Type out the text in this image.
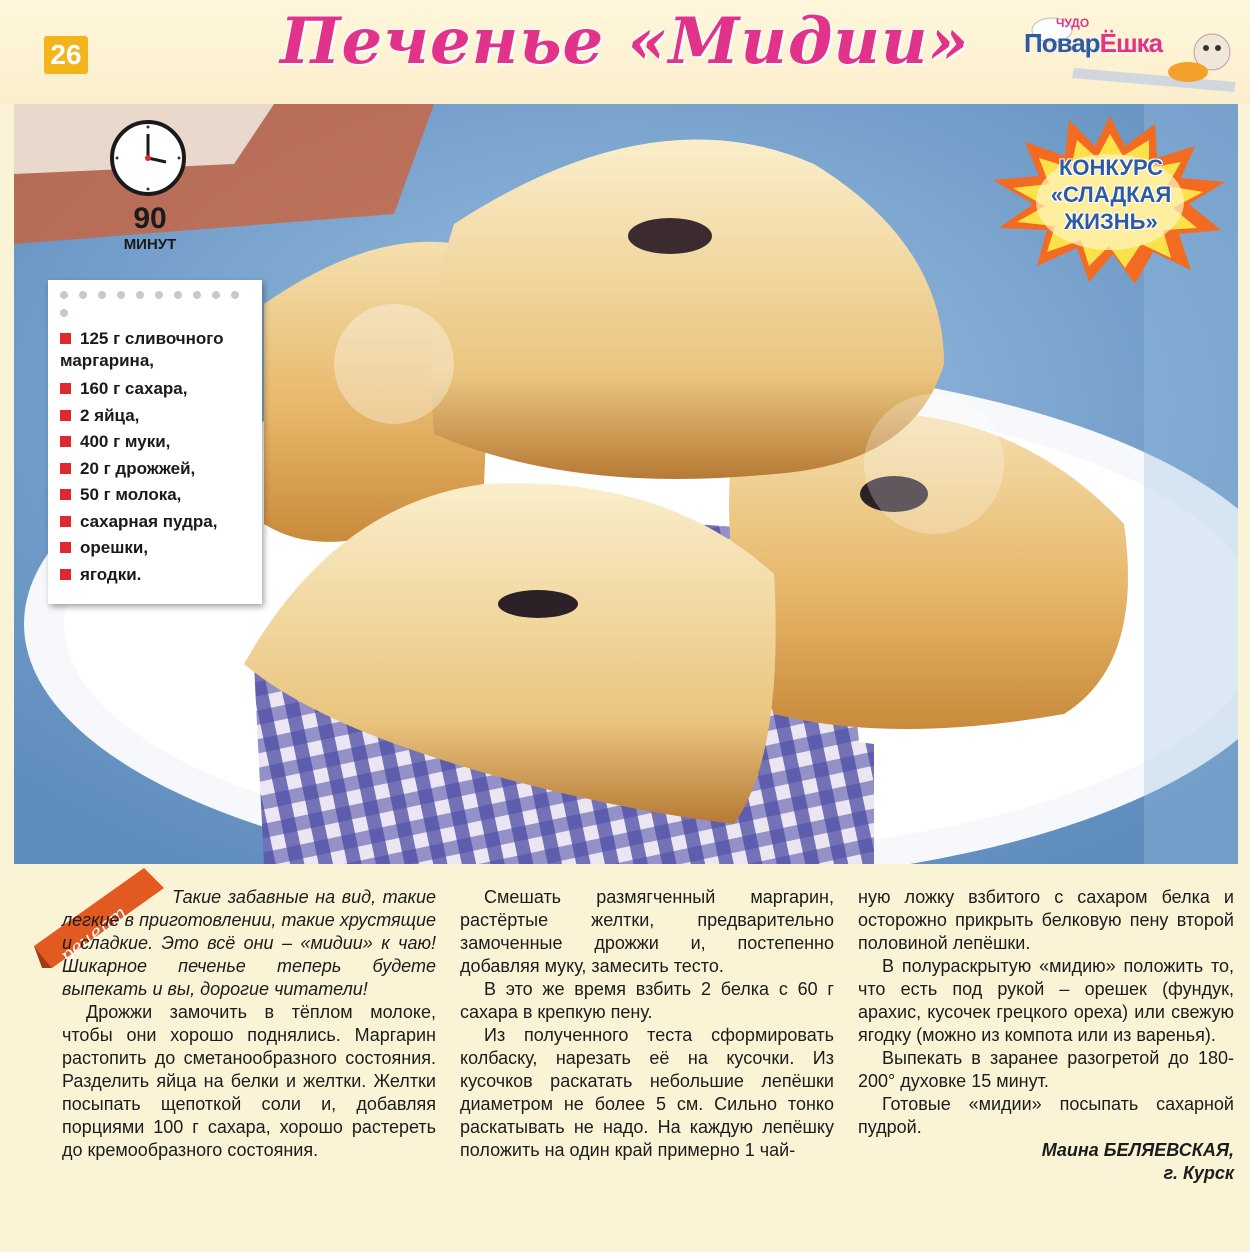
26	Печенье «Мидии»	ЧУДО
ПоварЁшка
90
МИНУТ
125 г сливочного маргарина,
160 г сахара,
2 яйца,
400 г муки,
20 г дрожжей,
50 г молока,
сахарная пудра,
орешки,
ягодки.
КОНКУРС
«СЛАДКАЯ
ЖИЗНЬ»
рецепт

Такие забавные на вид, такие легкие в приготовлении, такие хрустящие и сладкие. Это всё они – «мидии» к чаю! Шикарное печенье теперь будете выпекать и вы, дорогие читатели!

Дрожжи замочить в тёплом молоке, чтобы они хорошо поднялись. Маргарин растопить до сметанообразного состояния. Разделить яйца на белки и желтки. Желтки посыпать щепоткой соли и, добавляя порциями 100 г сахара, хорошо растереть до кремообразного состояния.

Смешать размягченный маргарин, растёртые желтки, предварительно замоченные дрожжи и, постепенно добавляя муку, замесить тесто.

В это же время взбить 2 белка с 60 г сахара в крепкую пену.

Из полученного теста сформировать колбаску, нарезать её на кусочки. Из кусочков раскатать небольшие лепёшки диаметром не более 5 см. Сильно тонко раскатывать не надо. На каждую лепёшку положить на один край примерно 1 чай-

ную ложку взбитого с сахаром белка и осторожно прикрыть белковую пену второй половиной лепёшки.

В полураскрытую «мидию» положить то, что есть под рукой – орешек (фундук, арахис, кусочек грецкого ореха) или свежую ягодку (можно из компота или из варенья).

Выпекать в заранее разогретой до 180-200° духовке 15 минут.

Готовые «мидии» посыпать сахарной пудрой.

Маина БЕЛЯЕВСКАЯ,
г. Курск
